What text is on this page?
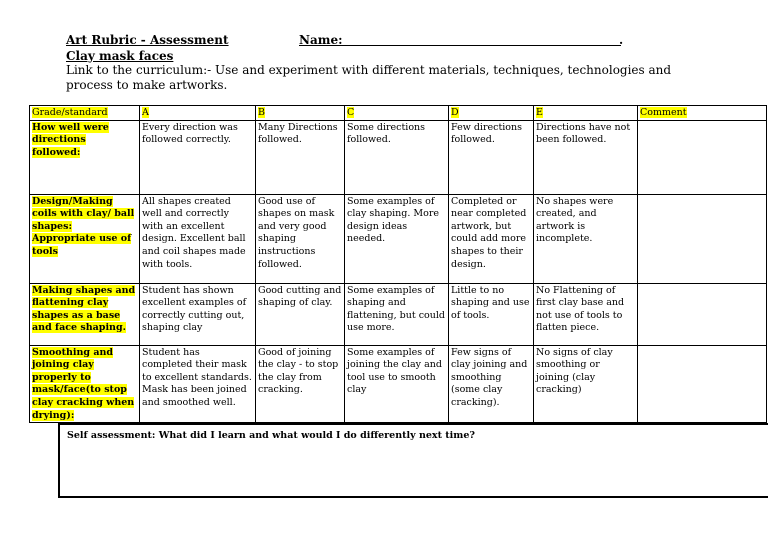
Art Rubric - Assessment	Name:	.
Clay mask faces
Link to the curriculum:- Use and experiment with different materials, techniques, technologies and process to make artworks.
Grade/standard	A	B	C	D	E	Comment
How well were directions followed:	Every direction was followed correctly.	Many Directions followed.	Some directions followed.	Few directions followed.	Directions have not been followed.	
Design/Making coils with clay/ ball shapes: Appropriate use of tools	All shapes created well and correctly with an excellent design. Excellent ball and coil shapes made with tools.	Good use of shapes on mask and very good shaping instructions followed.	Some examples of clay shaping. More design ideas needed.	Completed or near completed artwork, but could add more shapes to their design.	No shapes were created, and artwork is incomplete.	
Making shapes and flattening clay shapes as a base and face shaping.	Student has shown excellent examples of correctly cutting out, shaping clay	Good cutting and shaping of clay.	Some examples of shaping and flattening, but could use more.	Little to no shaping and use of tools.	No Flattening of first clay base and not use of tools to flatten piece.	
Smoothing and joining clay properly to mask/face(to stop clay cracking when drying):	Student has completed their mask to excellent standards. Mask has been joined and smoothed well.	Good of joining the clay - to stop the clay from cracking.	Some examples of joining the clay and tool use to smooth clay	Few signs of clay joining and smoothing (some clay cracking).	No signs of clay smoothing or joining (clay cracking)	
Self assessment: What did I learn and what would I do differently next time?
